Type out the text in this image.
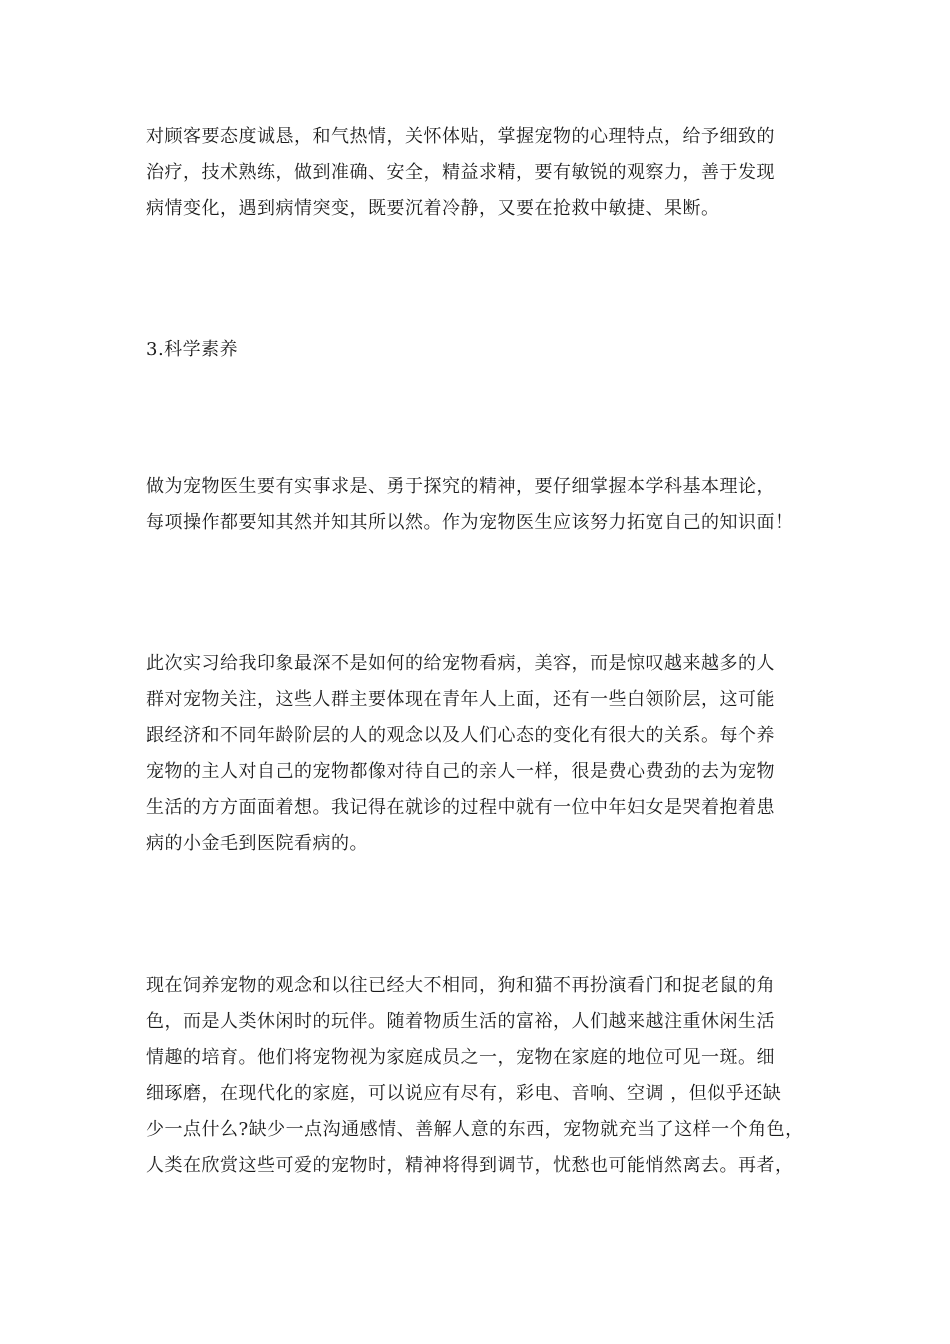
对顾客要态度诚恳，和气热情，关怀体贴，掌握宠物的心理特点，给予细致的
治疗，技术熟练，做到准确、安全，精益求精，要有敏锐的观察力，善于发现
病情变化，遇到病情突变，既要沉着冷静，又要在抢救中敏捷、果断。
3.科学素养
做为宠物医生要有实事求是、勇于探究的精神，要仔细掌握本学科基本理论，
每项操作都要知其然并知其所以然。作为宠物医生应该努力拓宽自己的知识面！
此次实习给我印象最深不是如何的给宠物看病，美容，而是惊叹越来越多的人
群对宠物关注，这些人群主要体现在青年人上面，还有一些白领阶层，这可能
跟经济和不同年龄阶层的人的观念以及人们心态的变化有很大的关系。每个养
宠物的主人对自己的宠物都像对待自己的亲人一样，很是费心费劲的去为宠物
生活的方方面面着想。我记得在就诊的过程中就有一位中年妇女是哭着抱着患
病的小金毛到医院看病的。
现在饲养宠物的观念和以往已经大不相同，狗和猫不再扮演看门和捉老鼠的角
色，而是人类休闲时的玩伴。随着物质生活的富裕，人们越来越注重休闲生活
情趣的培育。他们将宠物视为家庭成员之一，宠物在家庭的地位可见一斑。细
细琢磨，在现代化的家庭，可以说应有尽有，彩电、音响、空调 ，但似乎还缺
少一点什么?缺少一点沟通感情、善解人意的东西，宠物就充当了这样一个角色，
人类在欣赏这些可爱的宠物时，精神将得到调节，忧愁也可能悄然离去。再者，
